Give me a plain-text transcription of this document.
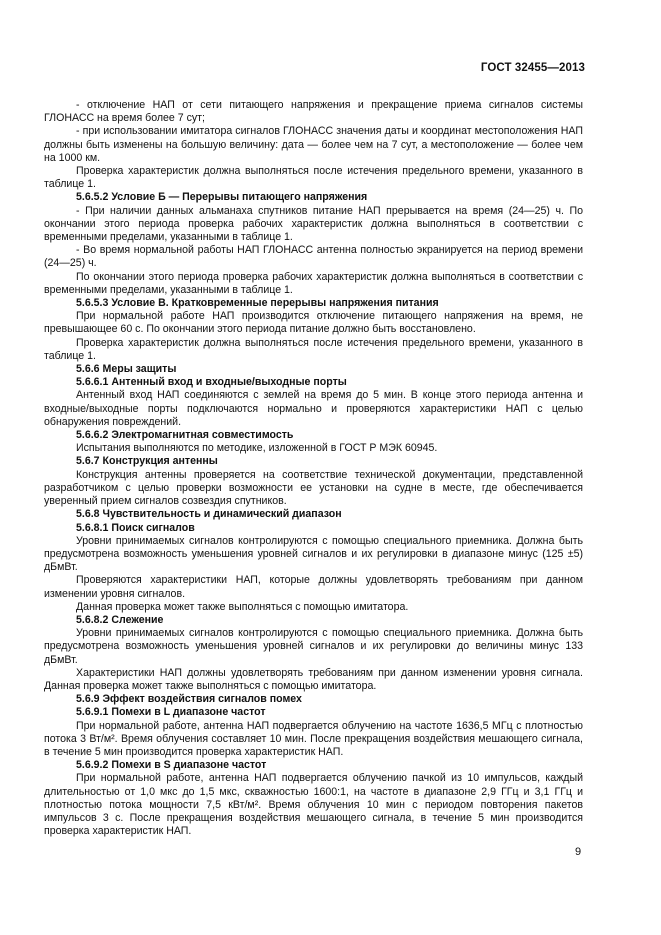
ГОСТ 32455—2013

- отключение НАП от сети питающего напряжения и прекращение приема сигналов системы ГЛОНАСС на время более 7 сут;

- при использовании имитатора сигналов ГЛОНАСС значения даты и координат местоположения НАП должны быть изменены на большую величину: дата — более чем на 7 сут, а местоположение — более чем на 1000 км.

Проверка характеристик должна выполняться после истечения предельного времени, указанного в таблице 1.

5.6.5.2 Условие Б — Перерывы питающего напряжения

- При наличии данных альманаха спутников питание НАП прерывается на время (24—25) ч. По окончании этого периода проверка рабочих характеристик должна выполняться в соответствии с временными пределами, указанными в таблице 1.

- Во время нормальной работы НАП ГЛОНАСС антенна полностью экранируется на период времени (24—25) ч.

По окончании этого периода проверка рабочих характеристик должна выполняться в соответствии с временными пределами, указанными в таблице 1.

5.6.5.3 Условие В. Кратковременные перерывы напряжения питания

При нормальной работе НАП производится отключение питающего напряжения на время, не превышающее 60 с. По окончании этого периода питание должно быть восстановлено.

Проверка характеристик должна выполняться после истечения предельного времени, указанного в таблице 1.

5.6.6 Меры защиты

5.6.6.1 Антенный вход и входные/выходные порты

Антенный вход НАП соединяются с землей на время до 5 мин. В конце этого периода антенна и входные/выходные порты подключаются нормально и проверяются характеристики НАП с целью обнаружения повреждений.

5.6.6.2 Электромагнитная совместимость

Испытания выполняются по методике, изложенной в ГОСТ Р МЭК 60945.

5.6.7 Конструкция антенны

Конструкция антенны проверяется на соответствие технической документации, представленной разработчиком с целью проверки возможности ее установки на судне в месте, где обеспечивается уверенный прием сигналов созвездия спутников.

5.6.8 Чувствительность и динамический диапазон

5.6.8.1 Поиск сигналов

Уровни принимаемых сигналов контролируются с помощью специального приемника. Должна быть предусмотрена возможность уменьшения уровней сигналов и их регулировки в диапазоне минус (125 ±5) дБмВт.

Проверяются характеристики НАП, которые должны удовлетворять требованиям при данном изменении уровня сигналов.

Данная проверка может также выполняться с помощью имитатора.

5.6.8.2 Слежение

Уровни принимаемых сигналов контролируются с помощью специального приемника. Должна быть предусмотрена возможность уменьшения уровней сигналов и их регулировки до величины минус 133 дБмВт.

Характеристики НАП должны удовлетворять требованиям при данном изменении уровня сигнала. Данная проверка может также выполняться с помощью имитатора.

5.6.9 Эффект воздействия сигналов помех

5.6.9.1 Помехи в L диапазоне частот

При нормальной работе, антенна НАП подвергается облучению на частоте 1636,5 МГц с плотностью потока 3 Вт/м². Время облучения составляет 10 мин. После прекращения воздействия мешающего сигнала, в течение 5 мин производится проверка характеристик НАП.

5.6.9.2 Помехи в S диапазоне частот

При нормальной работе, антенна НАП подвергается облучению пачкой из 10 импульсов, каждый длительностью от 1,0 мкс до 1,5 мкс, скважностью 1600:1, на частоте в диапазоне 2,9 ГГц и 3,1 ГГц и плотностью потока мощности 7,5 кВт/м². Время облучения 10 мин с периодом повторения пакетов импульсов 3 с. После прекращения воздействия мешающего сигнала, в течение 5 мин производится проверка характеристик НАП.

9
